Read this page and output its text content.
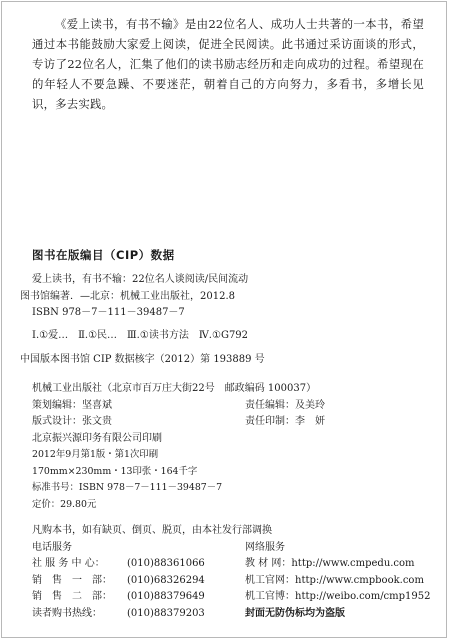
《爱上读书，有书不输》是由22位名人、成功人士共著的一本书，希望通过本书能鼓励大家爱上阅读，促进全民阅读。此书通过采访面谈的形式，专访了22位名人，汇集了他们的读书励志经历和走向成功的过程。希望现在的年轻人不要急躁、不要迷茫，朝着自己的方向努力，多看书，多增长见识，多去实践。
图书在版编目（CIP）数据
爱上读书，有书不输：22位名人谈阅读/民间流动
图书馆编著．—北京：机械工业出版社，2012.8
ISBN 978－7－111－39487－7
Ⅰ.①爱…　Ⅱ.①民…　Ⅲ.①读书方法　Ⅳ.①G792
中国版本图书馆 CIP 数据核字（2012）第 193889 号
机械工业出版社（北京市百万庄大街22号　邮政编码 100037）
策划编辑：坚喜斌	责任编辑：及美玲
版式设计：张文贵	责任印制：李　妍
北京振兴源印务有限公司印刷
2012年9月第1版・第1次印刷
170mm×230mm・13印张・164千字
标准书号：ISBN 978－7－111－39487－7
定价：29.80元
凡购本书，如有缺页、倒页、脱页，由本社发行部调换
电话服务	网络服务
社 服 务 中 心：	(010)88361066	教 材 网：http://www.cmpedu.com
销　售　一　部：	(010)68326294	机工官网：http://www.cmpbook.com
销　售　二　部：	(010)88379649	机工官博：http://weibo.com/cmp1952
读者购书热线：	(010)88379203	封面无防伪标均为盗版
